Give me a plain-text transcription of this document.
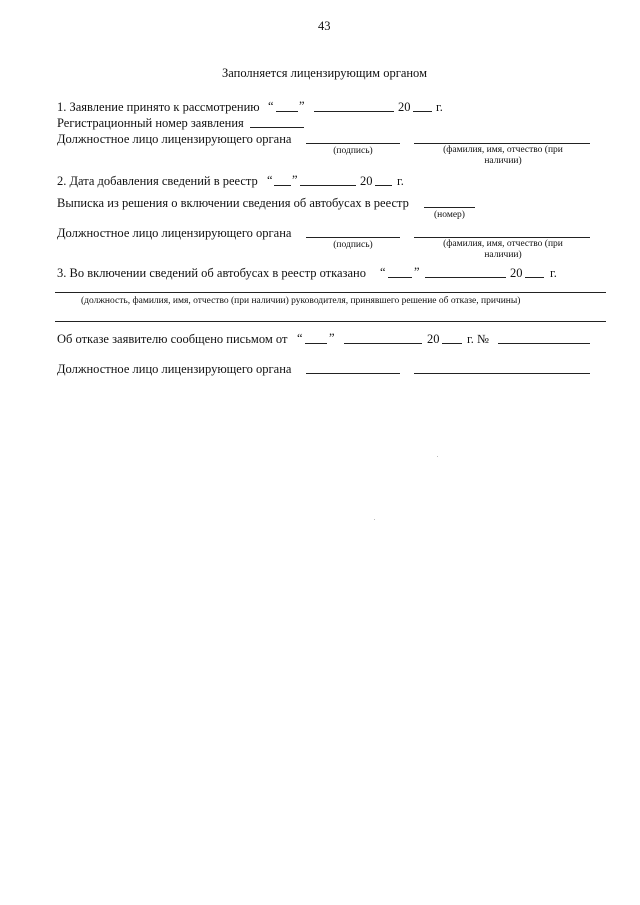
43
Заполняется лицензирующим органом
1. Заявление принято к рассмотрению “ ”	20 г.
Регистрационный номер заявления
Должностное лицо лицензирующего органа
(подпись)	(фамилия, имя, отчество (при наличии)
2. Дата добавления сведений в реестр “ ”	20 г.
Выписка из решения о включении сведения об автобусах в реестр
(номер)
Должностное лицо лицензирующего органа
(подпись)	(фамилия, имя, отчество (при наличии)
3. Во включении сведений об автобусах в реестр отказано “ ”	20 г.
(должность, фамилия, имя, отчество (при наличии) руководителя, принявшего решение об отказе, причины)
Об отказе заявителю сообщено письмом от “ ”	20 г. №
Должностное лицо лицензирующего органа
